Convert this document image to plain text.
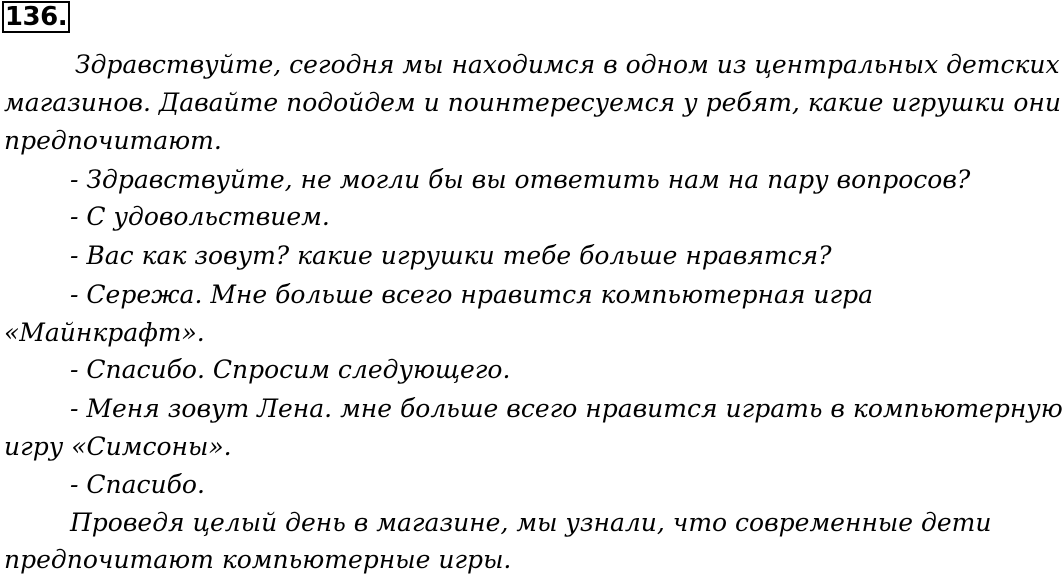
136.
Здравствуйте, сегодня мы находимся в одном из центральных детских
магазинов. Давайте подойдем и поинтересуемся у ребят, какие игрушки они
предпочитают.
- Здравствуйте, не могли бы вы ответить нам на пару вопросов?
- С удовольствием.
- Вас как зовут? какие игрушки тебе больше нравятся?
- Сережа. Мне больше всего нравится компьютерная игра
«Майнкрафт».
- Спасибо. Спросим следующего.
- Меня зовут Лена. мне больше всего нравится играть в компьютерную
игру «Симсоны».
- Спасибо.
Проведя целый день в магазине, мы узнали, что современные дети
предпочитают компьютерные игры.
